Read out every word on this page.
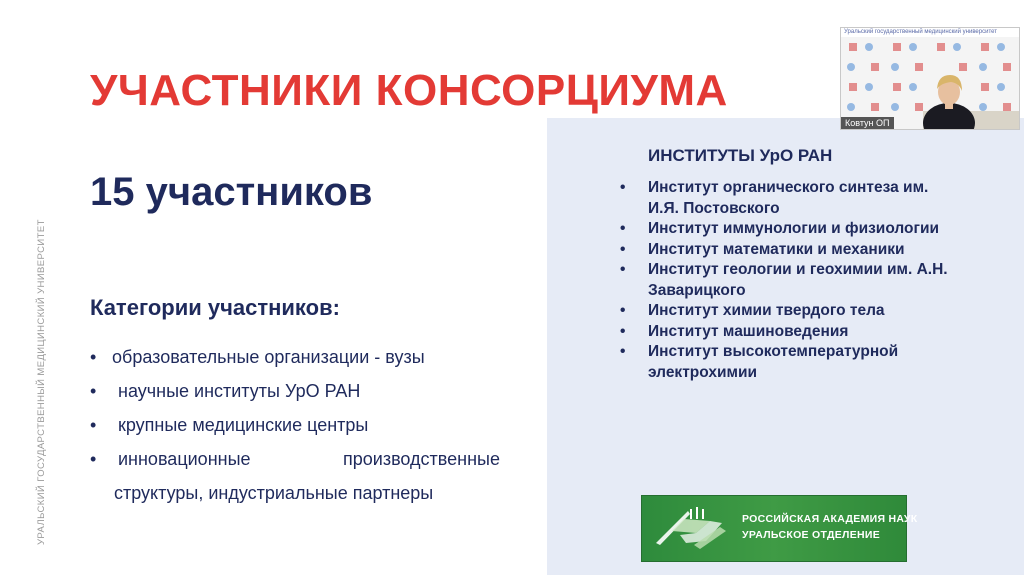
УРАЛЬСКИЙ ГОСУДАРСТВЕННЫЙ МЕДИЦИНСКИЙ УНИВЕРСИТЕТ
УЧАСТНИКИ КОНСОРЦИУМА
15 участников
Категории участников:
• образовательные организации - вузы
• научные институты УрО РАН
• крупные медицинские центры
• инновационные	производственные
структуры, индустриальные партнеры
ИНСТИТУТЫ УрО РАН
• Институт органического синтеза им. И.Я. Постовского
• Институт иммунологии и физиологии
• Институт математики и механики
• Институт геологии и геохимии им. А.Н. Заварицкого
• Институт химии твердого тела
• Институт машиноведения
• Институт высокотемпературной электрохимии
РОССИЙСКАЯ АКАДЕМИЯ НАУК
УРАЛЬСКОЕ ОТДЕЛЕНИЕ
Уральский государственный медицинский университет
Ковтун ОП
